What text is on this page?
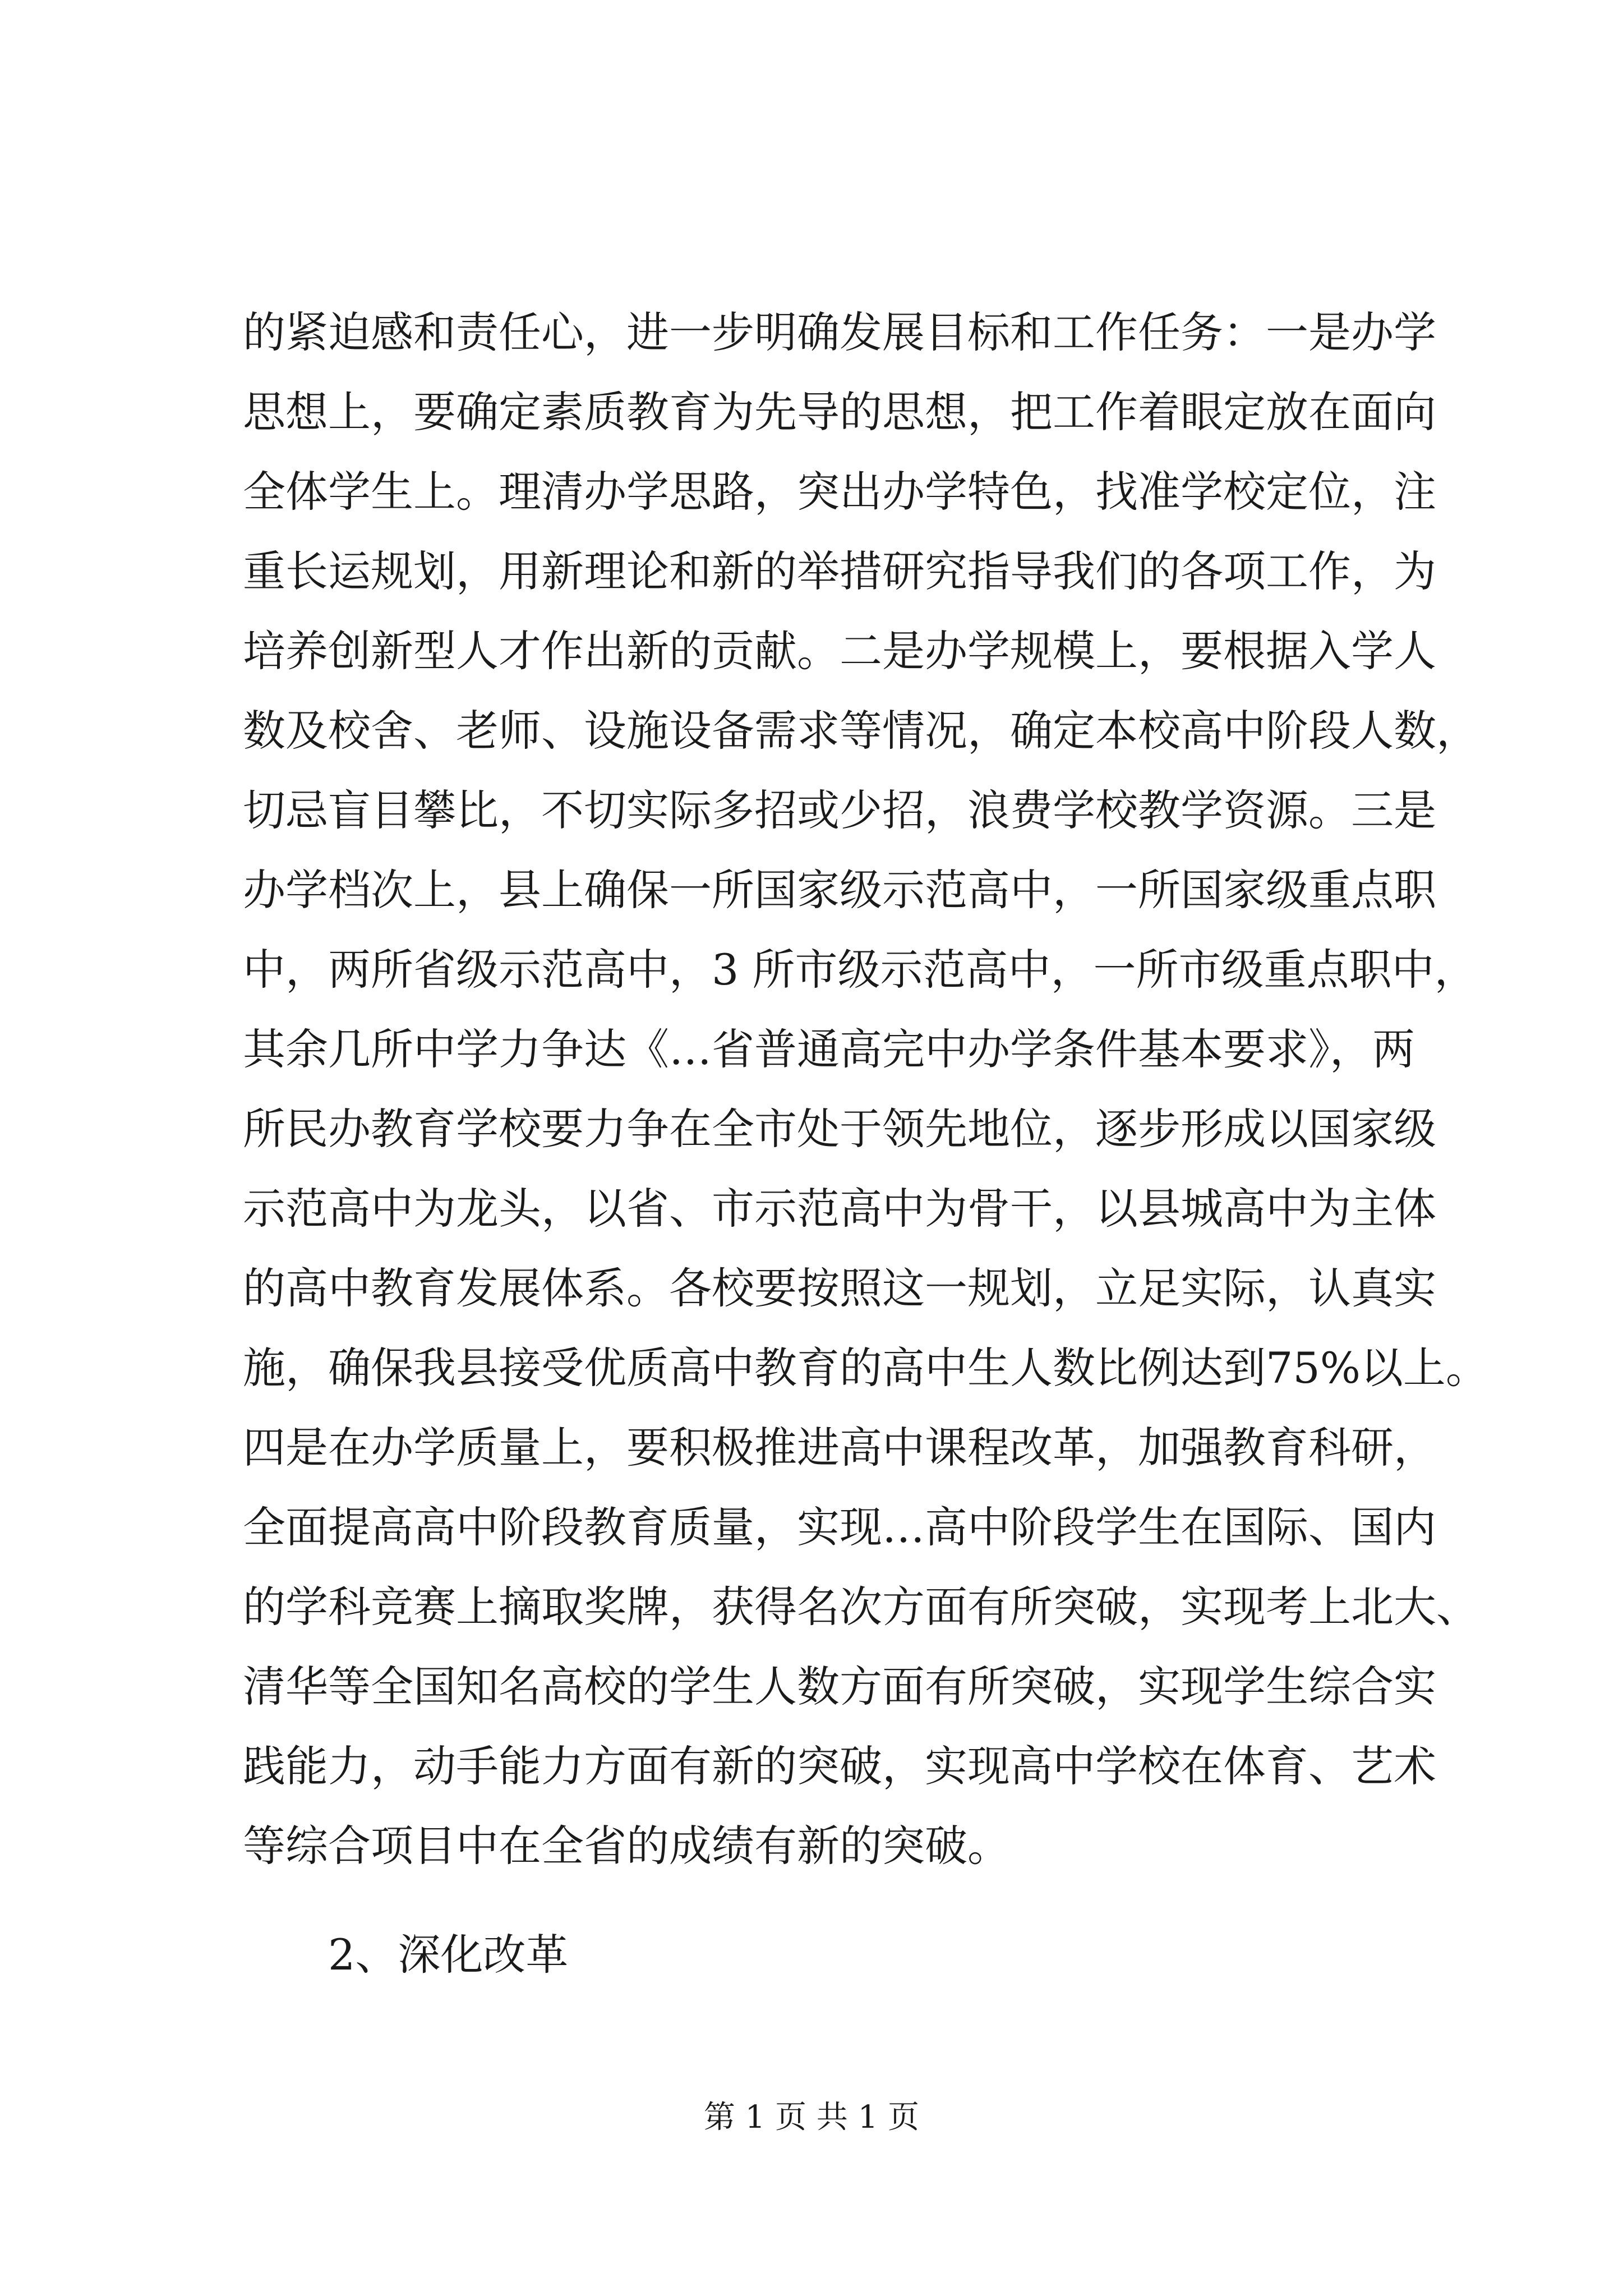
的紧迫感和责任心，进一步明确发展目标和工作任务：一是办学
思想上，要确定素质教育为先导的思想，把工作着眼定放在面向
全体学生上。理清办学思路，突出办学特色，找准学校定位，注
重长运规划，用新理论和新的举措研究指导我们的各项工作，为
培养创新型人才作出新的贡献。二是办学规模上，要根据入学人
数及校舍、老师、设施设备需求等情况，确定本校高中阶段人数，
切忌盲目攀比，不切实际多招或少招，浪费学校教学资源。三是
办学档次上，县上确保一所国家级示范高中，一所国家级重点职
中，两所省级示范高中，3 所市级示范高中，一所市级重点职中，
其余几所中学力争达《…省普通高完中办学条件基本要求》，两
所民办教育学校要力争在全市处于领先地位，逐步形成以国家级
示范高中为龙头，以省、市示范高中为骨干，以县城高中为主体
的高中教育发展体系。各校要按照这一规划，立足实际，认真实
施，确保我县接受优质高中教育的高中生人数比例达到75%以上。
四是在办学质量上，要积极推进高中课程改革，加强教育科研，
全面提高高中阶段教育质量，实现…高中阶段学生在国际、国内
的学科竞赛上摘取奖牌，获得名次方面有所突破，实现考上北大、
清华等全国知名高校的学生人数方面有所突破，实现学生综合实
践能力，动手能力方面有新的突破，实现高中学校在体育、艺术
等综合项目中在全省的成绩有新的突破。
2、深化改革
第 1 页 共 1 页
